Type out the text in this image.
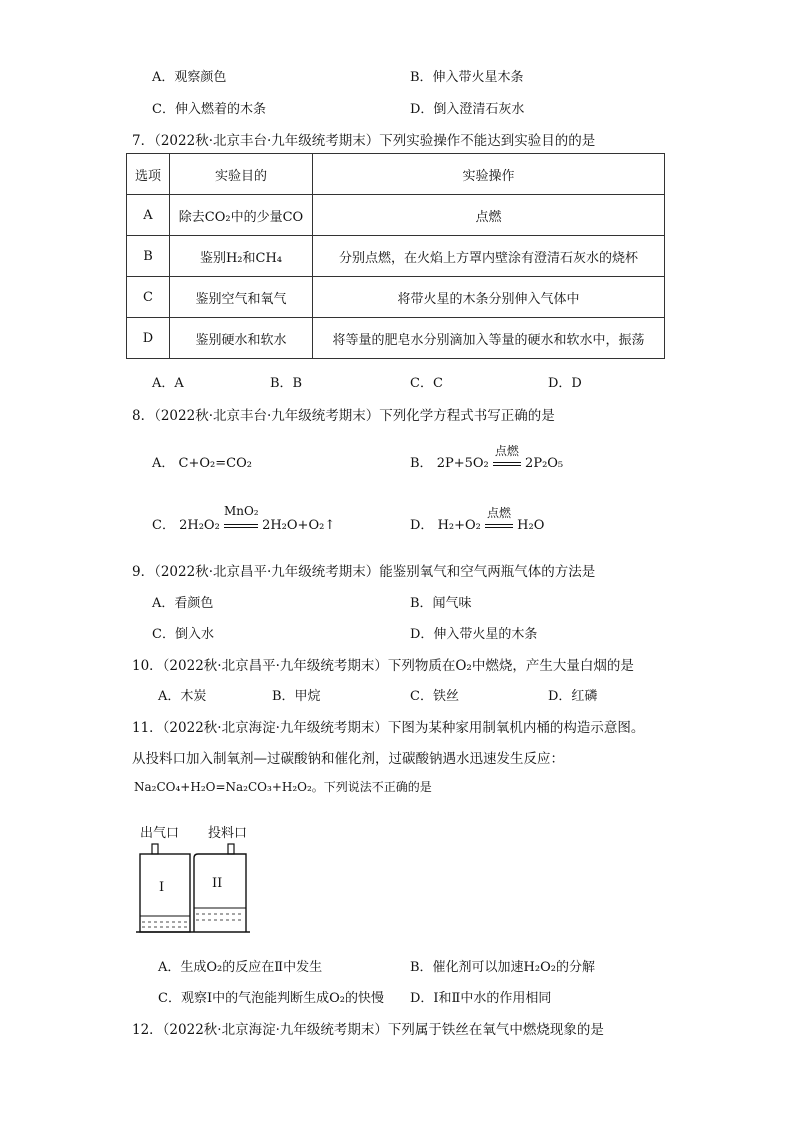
A．观察颜色	B．伸入带火星木条
C．伸入燃着的木条	D．倒入澄清石灰水
7．（2022秋·北京丰台·九年级统考期末）下列实验操作不能达到实验目的的是
选项	实验目的	实验操作
A	除去CO₂中的少量CO	点燃
B	鉴别H₂和CH₄	分别点燃，在火焰上方罩内壁涂有澄清石灰水的烧杯
C	鉴别空气和氧气	将带火星的木条分别伸入气体中
D	鉴别硬水和软水	将等量的肥皂水分别滴加入等量的硬水和软水中，振荡
A．A	B．B	C．C	D．D
8．（2022秋·北京丰台·九年级统考期末）下列化学方程式书写正确的是
A． C+O₂=CO₂	B． 2P+5O₂
点燃
2P₂O₅
C． 2H₂O₂
MnO₂
2H₂O+O₂↑	D． H₂+O₂
点燃
H₂O
9．（2022秋·北京昌平·九年级统考期末）能鉴别氧气和空气两瓶气体的方法是
A．看颜色	B．闻气味
C．倒入水	D．伸入带火星的木条
10．（2022秋·北京昌平·九年级统考期末）下列物质在O₂中燃烧，产生大量白烟的是
A．木炭	B．甲烷	C．铁丝	D．红磷
11．（2022秋·北京海淀·九年级统考期末）下图为某种家用制氧机内桶的构造示意图。
从投料口加入制氧剂—过碳酸钠和催化剂，过碳酸钠遇水迅速发生反应：
Na₂CO₄+H₂O=Na₂CO₃+H₂O₂。下列说法不正确的是
出气口 投料口
I	II
A．生成O₂的反应在Ⅱ中发生	B．催化剂可以加速H₂O₂的分解
C．观察Ⅰ中的气泡能判断生成O₂的快慢 D．Ⅰ和Ⅱ中水的作用相同
12．（2022秋·北京海淀·九年级统考期末）下列属于铁丝在氧气中燃烧现象的是
